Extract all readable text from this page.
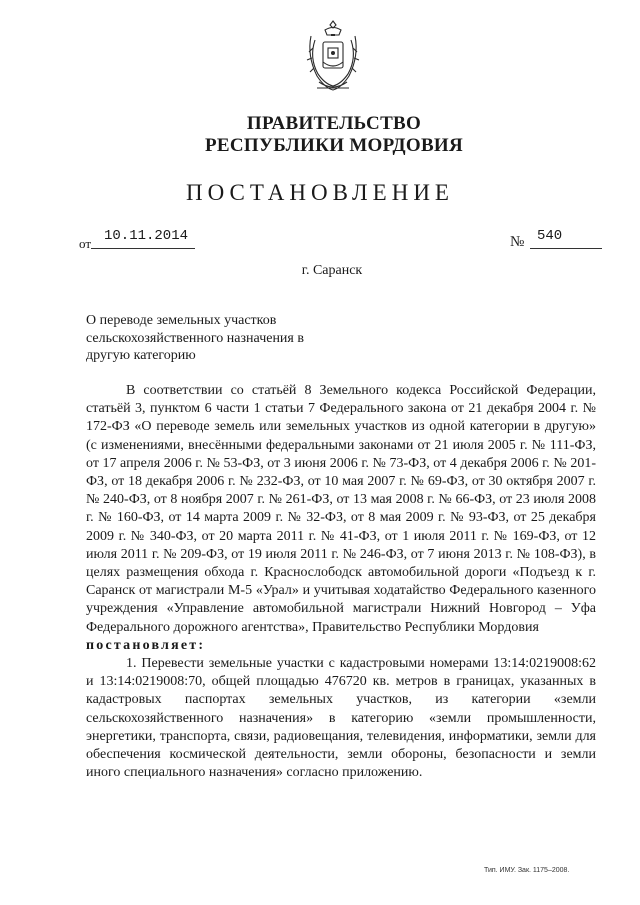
ПРАВИТЕЛЬСТВО
РЕСПУБЛИКИ МОРДОВИЯ
ПОСТАНОВЛЕНИЕ
от 10.11.2014	№ 540
г. Саранск
О переводе земельных участков сельскохозяйственного назначения в другую категорию

В соответствии со статьёй 8 Земельного кодекса Российской Федерации, статьёй 3, пунктом 6 части 1 статьи 7 Федерального закона от 21 декабря 2004 г. № 172-ФЗ «О переводе земель или земельных участков из одной категории в другую» (с изменениями, внесёнными федеральными законами от 21 июля 2005 г. № 111-ФЗ, от 17 апреля 2006 г. № 53-ФЗ, от 3 июня 2006 г. № 73-ФЗ, от 4 декабря 2006 г. № 201-ФЗ, от 18 декабря 2006 г. № 232-ФЗ, от 10 мая 2007 г. № 69-ФЗ, от 30 октября 2007 г. № 240-ФЗ, от 8 ноября 2007 г. № 261-ФЗ, от 13 мая 2008 г. № 66-ФЗ, от 23 июля 2008 г. № 160-ФЗ, от 14 марта 2009 г. № 32-ФЗ, от 8 мая 2009 г. № 93-ФЗ, от 25 декабря 2009 г. № 340-ФЗ, от 20 марта 2011 г. № 41-ФЗ, от 1 июля 2011 г. № 169-ФЗ, от 12 июля 2011 г. № 209-ФЗ, от 19 июля 2011 г. № 246-ФЗ, от 7 июня 2013 г. № 108-ФЗ), в целях размещения обхода г. Краснослободск автомобильной дороги «Подъезд к г. Саранск от магистрали М-5 «Урал» и учитывая ходатайство Федерального казенного учреждения «Управление автомобильной магистрали Нижний Новгород – Уфа Федерального дорожного агентства», Правительство Республики Мордовия

постановляет:

1. Перевести земельные участки с кадастровыми номерами 13:14:0219008:62 и 13:14:0219008:70, общей площадью 476720 кв. метров в границах, указанных в кадастровых паспортах земельных участков, из категории «земли сельскохозяйственного назначения» в категорию «земли промышленности, энергетики, транспорта, связи, радиовещания, телевидения, информатики, земли для обеспечения космической деятельности, земли обороны, безопасности и земли иного специального назначения» согласно приложению.

Тип. ИМУ. Зак. 1175–2008.
